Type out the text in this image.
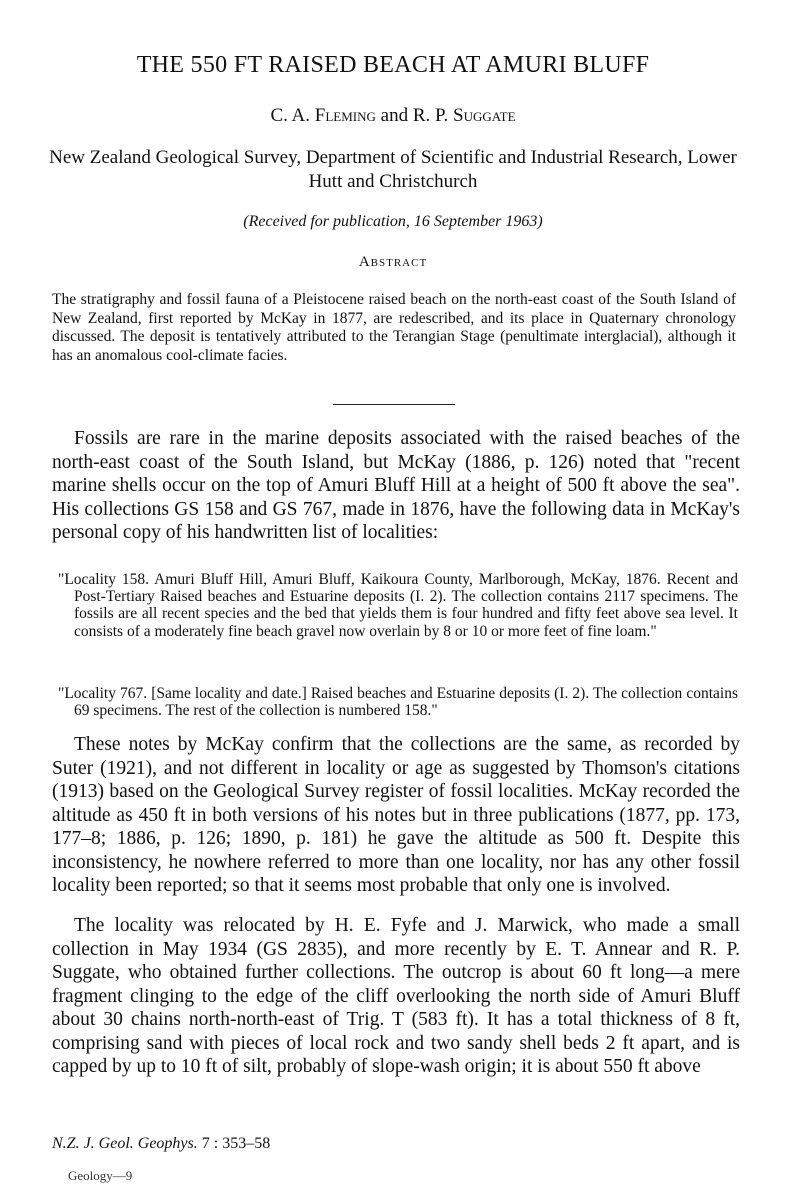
THE 550 FT RAISED BEACH AT AMURI BLUFF
C. A. Fleming and R. P. Suggate
New Zealand Geological Survey, Department of Scientific and Industrial Research, Lower Hutt and Christchurch
(Received for publication, 16 September 1963)
Abstract
The stratigraphy and fossil fauna of a Pleistocene raised beach on the north-east coast of the South Island of New Zealand, first reported by McKay in 1877, are redescribed, and its place in Quaternary chronology discussed. The deposit is tentatively attributed to the Terangian Stage (penultimate interglacial), although it has an anomalous cool-climate facies.
Fossils are rare in the marine deposits associated with the raised beaches of the north-east coast of the South Island, but McKay (1886, p. 126) noted that "recent marine shells occur on the top of Amuri Bluff Hill at a height of 500 ft above the sea". His collections GS 158 and GS 767, made in 1876, have the following data in McKay's personal copy of his handwritten list of localities:
"Locality 158. Amuri Bluff Hill, Amuri Bluff, Kaikoura County, Marlborough, McKay, 1876. Recent and Post-Tertiary Raised beaches and Estuarine deposits (I. 2). The collection contains 2117 specimens. The fossils are all recent species and the bed that yields them is four hundred and fifty feet above sea level. It consists of a moderately fine beach gravel now overlain by 8 or 10 or more feet of fine loam."
"Locality 767. [Same locality and date.] Raised beaches and Estuarine deposits (I. 2). The collection contains 69 specimens. The rest of the collection is numbered 158."
These notes by McKay confirm that the collections are the same, as recorded by Suter (1921), and not different in locality or age as suggested by Thomson's citations (1913) based on the Geological Survey register of fossil localities. McKay recorded the altitude as 450 ft in both versions of his notes but in three publications (1877, pp. 173, 177–8; 1886, p. 126; 1890, p. 181) he gave the altitude as 500 ft. Despite this inconsistency, he nowhere referred to more than one locality, nor has any other fossil locality been reported; so that it seems most probable that only one is involved.
The locality was relocated by H. E. Fyfe and J. Marwick, who made a small collection in May 1934 (GS 2835), and more recently by E. T. Annear and R. P. Suggate, who obtained further collections. The outcrop is about 60 ft long—a mere fragment clinging to the edge of the cliff overlooking the north side of Amuri Bluff about 30 chains north-north-east of Trig. T (583 ft). It has a total thickness of 8 ft, comprising sand with pieces of local rock and two sandy shell beds 2 ft apart, and is capped by up to 10 ft of silt, probably of slope-wash origin; it is about 550 ft above
N.Z. J. Geol. Geophys. 7 : 353–58
Geology—9
